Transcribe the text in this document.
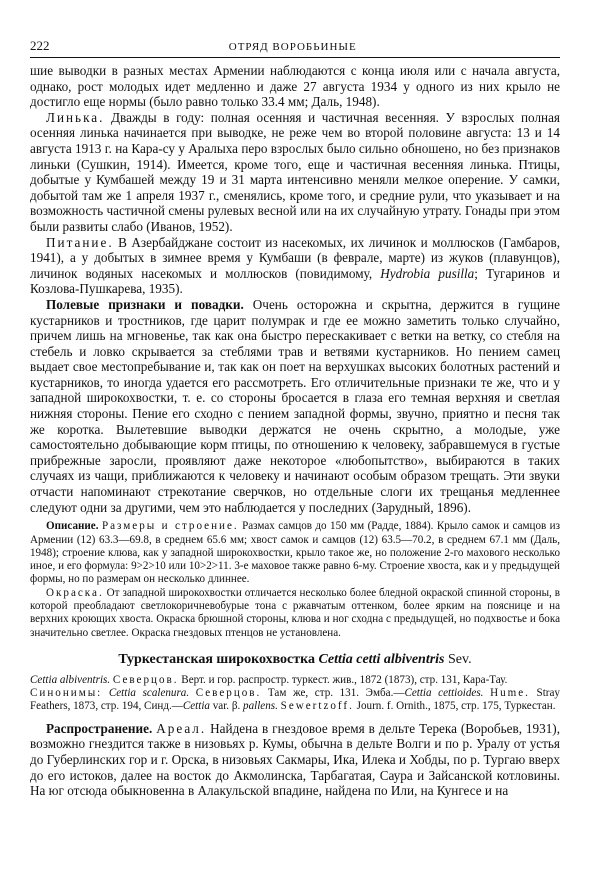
222	ОТРЯД ВОРОБЬИНЫЕ

шие выводки в разных местах Армении наблюдаются с конца июля или с начала августа, однако, рост молодых идет медленно и даже 27 августа 1934 у одного из них крыло не достигло еще нормы (было равно только 33.4 мм; Даль, 1948).

Линька. Дважды в году: полная осенняя и частичная весенняя. У взрослых полная осенняя линька начинается при выводке, не реже чем во второй половине августа: 13 и 14 августа 1913 г. на Кара-су у Аралыха перо взрослых было сильно обношено, но без признаков линьки (Сушкин, 1914). Имеется, кроме того, еще и частичная весенняя линька. Птицы, добытые у Кумбашей между 19 и 31 марта интенсивно меняли мелкое оперение. У самки, добытой там же 1 апреля 1937 г., сменялись, кроме того, и средние рули, что указывает и на возможность частичной смены рулевых весной или на их случайную утрату. Гонады при этом были развиты слабо (Иванов, 1952).

Питание. В Азербайджане состоит из насекомых, их личинок и моллюсков (Гамбаров, 1941), а у добытых в зимнее время у Кумбаши (в феврале, марте) из жуков (плавунцов), личинок водяных насекомых и моллюсков (повидимому, Hydrobia pusilla; Тугаринов и Козлова-Пушкарева, 1935).

Полевые признаки и повадки. Очень осторожна и скрытна, держится в гущине кустарников и тростников, где царит полумрак и где ее можно заметить только случайно, причем лишь на мгновенье, так как она быстро перескакивает с ветки на ветку, со стебля на стебель и ловко скрывается за стеблями трав и ветвями кустарников. Но пением самец выдает свое местопребывание и, так как он поет на верхушках высоких болотных растений и кустарников, то иногда удается его рассмотреть. Его отличительные признаки те же, что и у западной широкохвостки, т. е. со стороны бросается в глаза его темная верхняя и светлая нижняя стороны. Пение его сходно с пением западной формы, звучно, приятно и песня так же коротка. Вылетевшие выводки держатся не очень скрытно, а молодые, уже самостоятельно добывающие корм птицы, по отношению к человеку, забравшемуся в густые прибрежные заросли, проявляют даже некоторое «любопытство», выбираются в таких случаях из чащи, приближаются к человеку и начинают особым образом трещать. Эти звуки отчасти напоминают стрекотание сверчков, но отдельные слоги их трещанья медленнее следуют одни за другими, чем это наблюдается у последних (Зарудный, 1896).

Описание. Размеры и строение. Размах самцов до 150 мм (Радде, 1884). Крыло самок и самцов из Армении (12) 63.3—69.8, в среднем 65.6 мм; хвост самок и самцов (12) 63.5—70.2, в среднем 67.1 мм (Даль, 1948); строение клюва, как у западной широкохвостки, крыло такое же, но положение 2-го махового несколько иное, и его формула: 9>2>10 или 10>2>11. 3-е маховое также равно 6-му. Строение хвоста, как и у предыдущей формы, но по размерам он несколько длиннее.

Окраска. От западной широкохвостки отличается несколько более бледной окраской спинной стороны, в которой преобладают светлокоричневобурые тона с ржавчатым оттенком, более ярким на пояснице и на верхних кроющих хвоста. Окраска брюшной стороны, клюва и ног сходна с предыдущей, но подхвостье и бока значительно светлее. Окраска гнездовых птенцов не установлена.

Туркестанская широкохвостка Cettia cetti albiventris Sev.

Cettia albiventris. Северцов. Верт. и гор. распростр. туркест. жив., 1872 (1873), стр. 131, Кара-Тау.

Синонимы: Cettia scalenura. Северцов. Там же, стр. 131. Эмба.—Cettia cettioides. Hume. Stray Feathers, 1873, стр. 194, Синд.—Cettia var. β. pallens. Sewertzoff. Journ. f. Ornith., 1875, стр. 175, Туркестан.

Распространение. Ареал. Найдена в гнездовое время в дельте Терека (Воробьев, 1931), возможно гнездится также в низовьях р. Кумы, обычна в дельте Волги и по р. Уралу от устья до Губерлинских гор и г. Орска, в низовьях Сакмары, Ика, Илека и Хобды, по р. Тургаю вверх до его истоков, далее на восток до Акмолинска, Тарбагатая, Саура и Зайсанской котловины. На юг отсюда обыкновенна в Алакульской впадине, найдена по Или, на Кунгесе и на
